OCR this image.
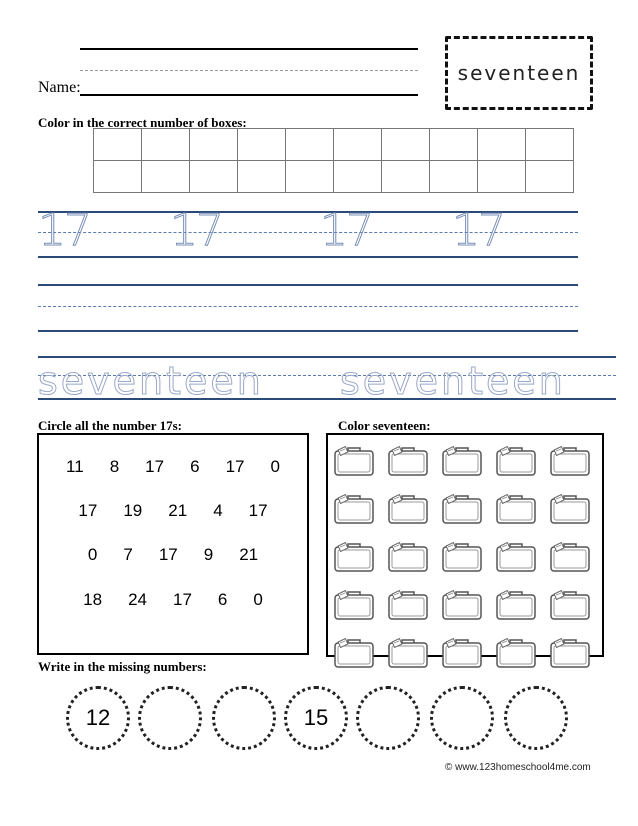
Name:
seventeen
Color in the correct number of boxes:
17 17 17 17
seventeen seventeen
Circle all the number 17s:
11 8 17 6 17 0
17 19 21 4 17
0 7 17 9 21
18 24 17 6 0
Color seventeen:
Write in the missing numbers:
12	15
© www.123homeschool4me.com
